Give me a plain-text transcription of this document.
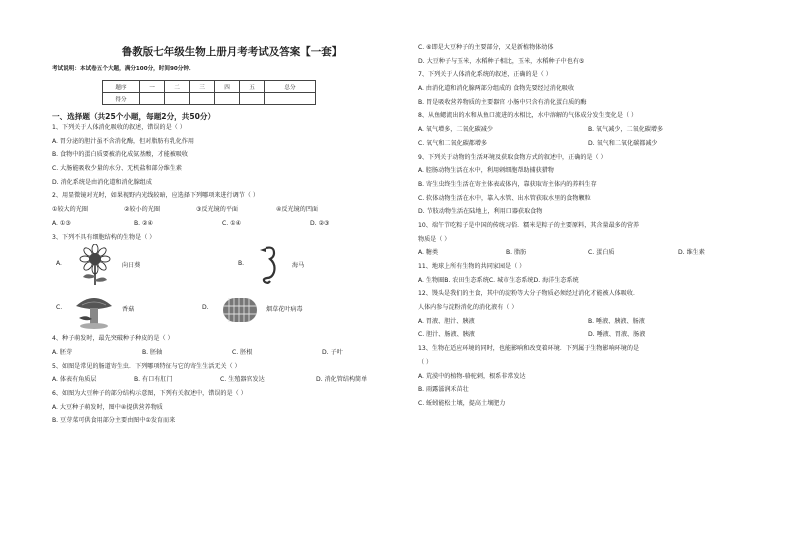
鲁教版七年级生物上册月考考试及答案【一套】
考试说明：本试卷五个大题，满分100分，时间90分钟．
题序	一	二	三	四	五	总分
得分						
一、选择题（共25个小题，每题2分，共50分）
1、下列关于人体消化吸收的叙述，错误的是（ ）
A. 胃分泌的胆汁虽不含消化酶，但对脂肪有乳化作用
B. 食物中的蛋白质要被消化成氨基酸，才能被吸收
C. 大肠能吸收少量的水分、无机盐和部分维生素
D. 消化系统是由消化道和消化腺组成
2、用显微镜对光时，如果视野内光线较暗，应选择下列哪项来进行调节（ ）
①较大的光圈	②较小的光圈	③反光镜的平面	④反光镜的凹面
A. ①③	B. ②④	C. ①④	D. ②③
3、下列不具有细胞结构的生物是（ ）
A.	向日葵	B.	海马
C.	香菇	D.	烟草花叶病毒
4、种子萌发时，最先突破种子种皮的是（ ）
A. 胚芽	B. 胚轴	C. 胚根	D. 子叶
5、如图是常见的肠道寄生虫．下列哪项特征与它的寄生生活无关（ ）
A. 体表有角质层	B. 有口有肛门	C. 生殖器官发达	D. 消化管结构简单
6、如图为大豆种子的部分结构示意图，下列有关叙述中，错误的是（ ）
A. 大豆种子萌发时，图中④提供营养物质
B. 豆芽菜可供食用部分主要由图中①发育而来
C. ⑥即是大豆种子的主要部分，又是新植物体幼体
D. 大豆种子与玉米，水稻种子相比，玉米，水稻种子中也有⑤
7、下列关于人体消化系统的叙述，正确的是（ ）
A. 由消化道和消化腺两部分组成的 食物先要经过消化吸收
B. 胃是吸收营养物质的主要器官 小肠中只含有消化蛋白质的酶
8、从鱼鳃流出的水和从鱼口流进的水相比，水中溶解的气体成分发生变化是（ ）
A. 氧气增多，二氧化碳减少	B. 氧气减少，二氧化碳增多
C. 氧气和二氧化碳都增多	D. 氧气和二氧化碳都减少
9、下列关于动物的生活环境及获取食物方式的叙述中，正确的是（ ）
A. 腔肠动物生活在水中，利用刺细胞帮助捕获猎物
B. 寄生虫终生生活在寄主体表或体内，靠获取寄主体内的养料生存
C. 软体动物生活在水中，靠入水管、出水管获取水里的食物颗粒
D. 节肢动物生活在陆地上，利用口器获取食物
10、端午节吃粽子是中国的传统习俗．糯米是粽子的主要原料，其含量最多的营养
物质是（ ）
A. 糖类	B. 脂肪	C. 蛋白质	D. 维生素
11、地球上所有生物的共同家园是（ ）
A. 生物圈B. 农田生态系统C. 城市生态系统D. 海洋生态系统
12、馒头是我们的主食，其中的淀粉等大分子物质必须经过消化才能被人体吸收．
人体内参与淀粉消化的消化液有（ ）
A. 胃液、胆汁、胰液	B. 唾液、胰液、肠液
C. 胆汁、肠液、胰液	D. 唾液、胃液、肠液
13、生物在适应环境的同时，也能影响和改变着环境．下列属于生物影响环境的是
（ ）
A. 荒漠中的植物-骆驼刺，根系非常发达
B. 雨露滋润禾苗壮
C. 蚯蚓能松土壤，提高土壤肥力
